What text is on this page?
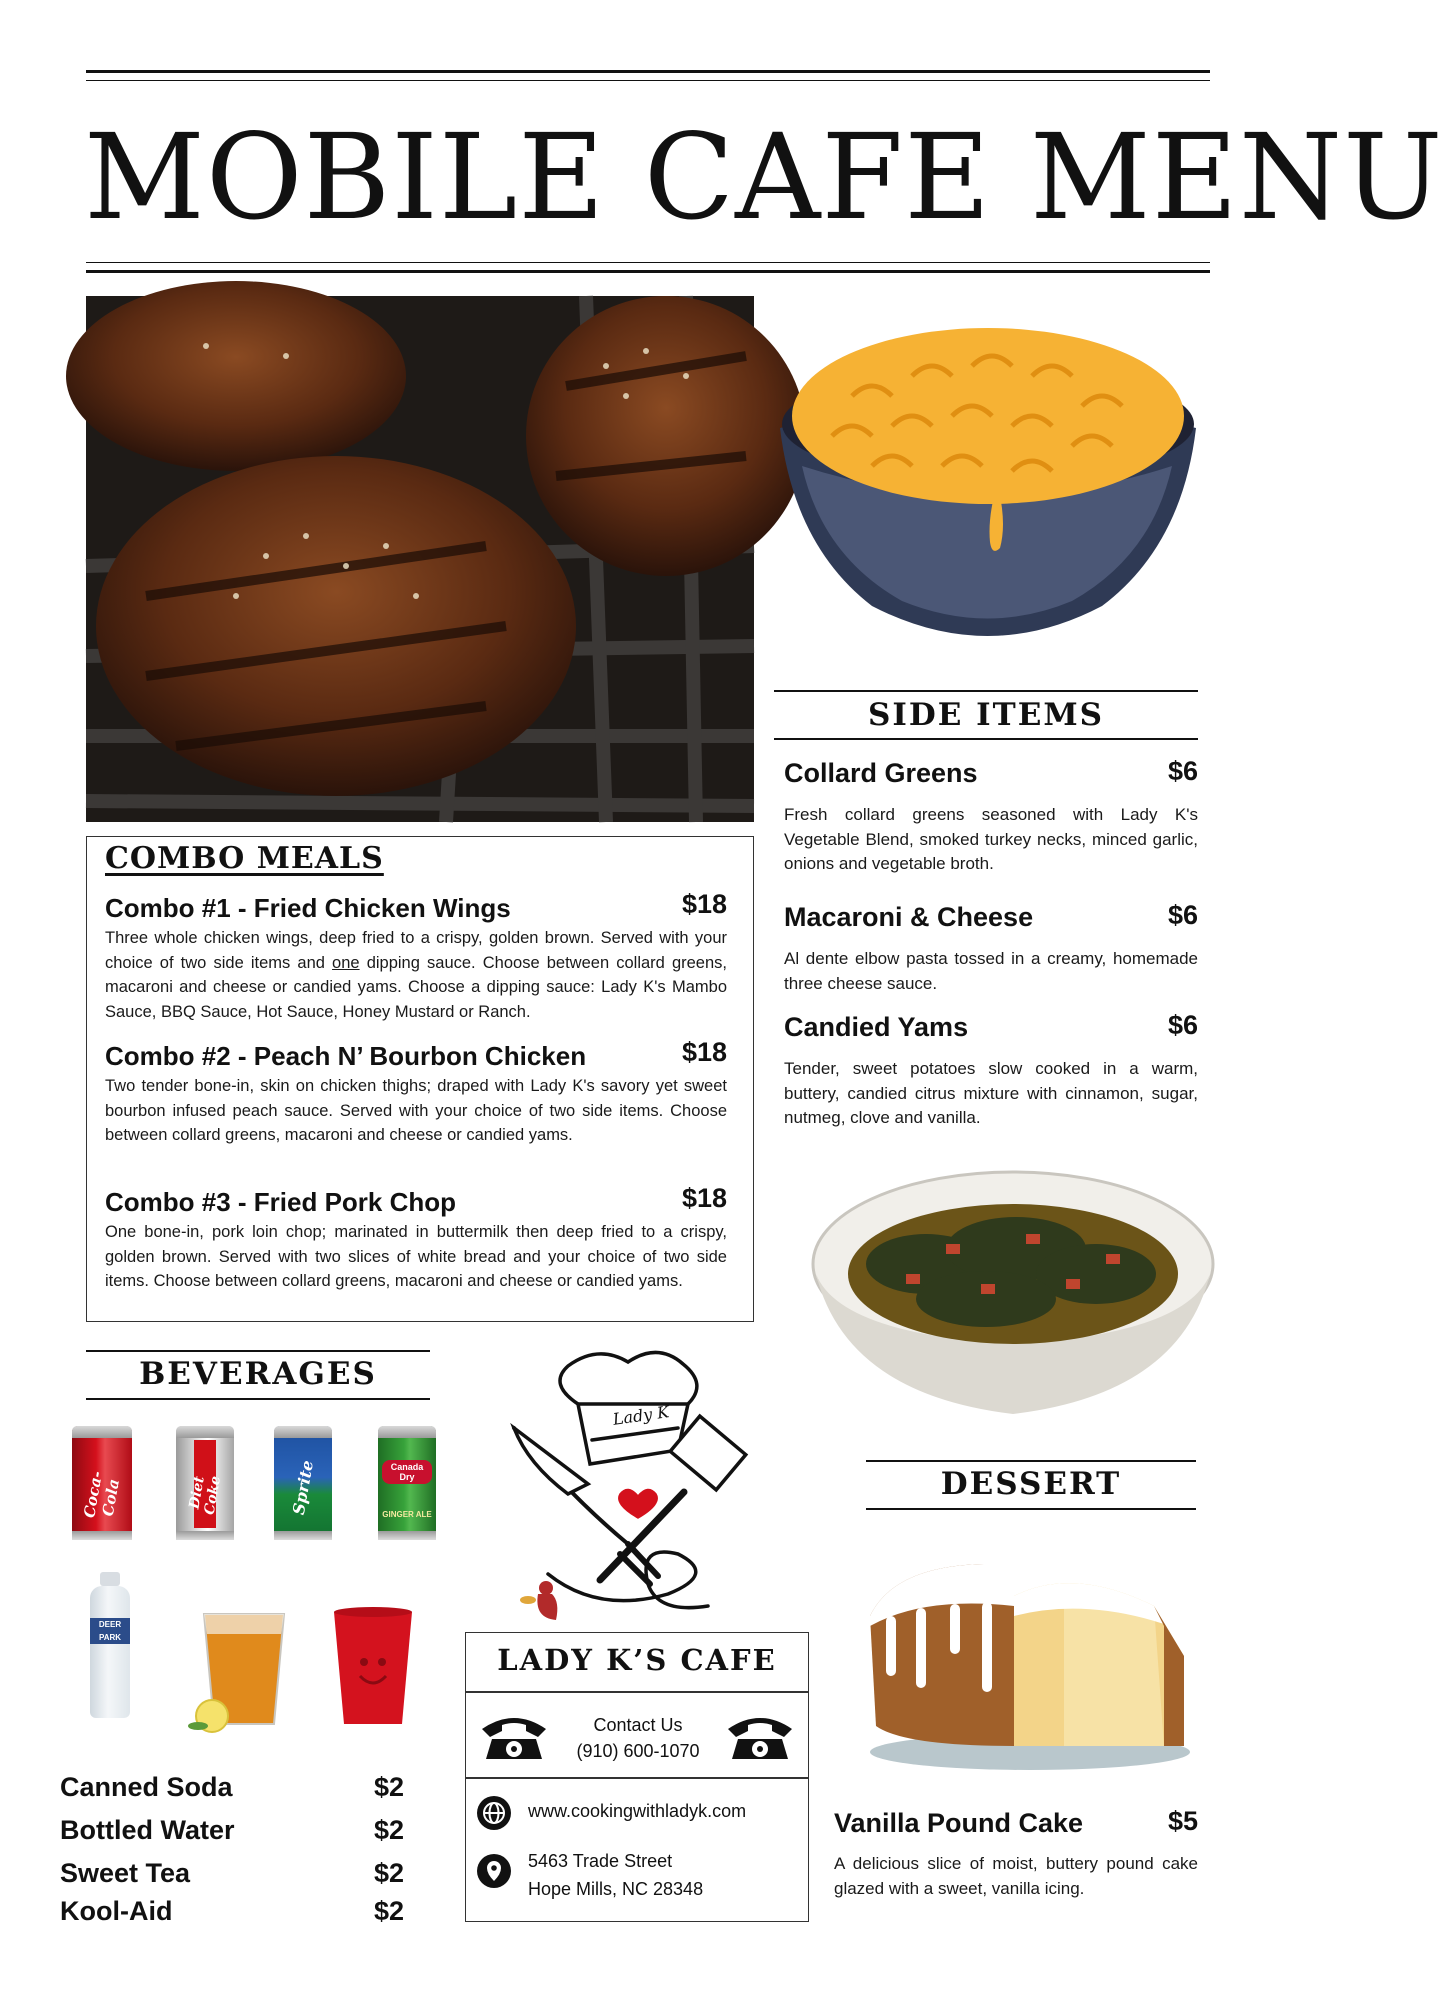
MOBILE CAFE MENU
SIDE ITEMS
Collard Greens	$6
Fresh collard greens seasoned with Lady K's Vegetable Blend, smoked turkey necks, minced garlic, onions and vegetable broth.
Macaroni & Cheese	$6
Al dente elbow pasta tossed in a creamy, homemade three cheese sauce.
Candied Yams	$6
Tender, sweet potatoes slow cooked in a warm, buttery, candied citrus mixture with cinnamon, sugar, nutmeg, clove and vanilla.
COMBO MEALS
Combo #1 - Fried Chicken Wings	$18
Three whole chicken wings, deep fried to a crispy, golden brown. Served with your choice of two side items and one dipping sauce. Choose between collard greens, macaroni and cheese or candied yams. Choose a dipping sauce: Lady K's Mambo Sauce, BBQ Sauce, Hot Sauce, Honey Mustard or Ranch.
Combo #2 - Peach N’ Bourbon Chicken	$18
Two tender bone-in, skin on chicken thighs; draped with Lady K's savory yet sweet bourbon infused peach sauce. Served with your choice of two side items. Choose between collard greens, macaroni and cheese or candied yams.
Combo #3 - Fried Pork Chop	$18
One bone-in, pork loin chop; marinated in buttermilk then deep fried to a crispy, golden brown. Served with two slices of white bread and your choice of two side items. Choose between collard greens, macaroni and cheese or candied yams.
BEVERAGES
Coca-Cola	Diet Coke	Sprite	Canada Dry
GINGER ALE
DEER PARK
Canned Soda	$2
Bottled Water	$2
Sweet Tea	$2
Kool-Aid	$2
Lady K
LADY K’S CAFE
Contact Us
(910) 600-1070
www.cookingwithladyk.com
5463 Trade Street
Hope Mills, NC 28348
DESSERT
Vanilla Pound Cake	$5
A delicious slice of moist, buttery pound cake glazed with a sweet, vanilla icing.
